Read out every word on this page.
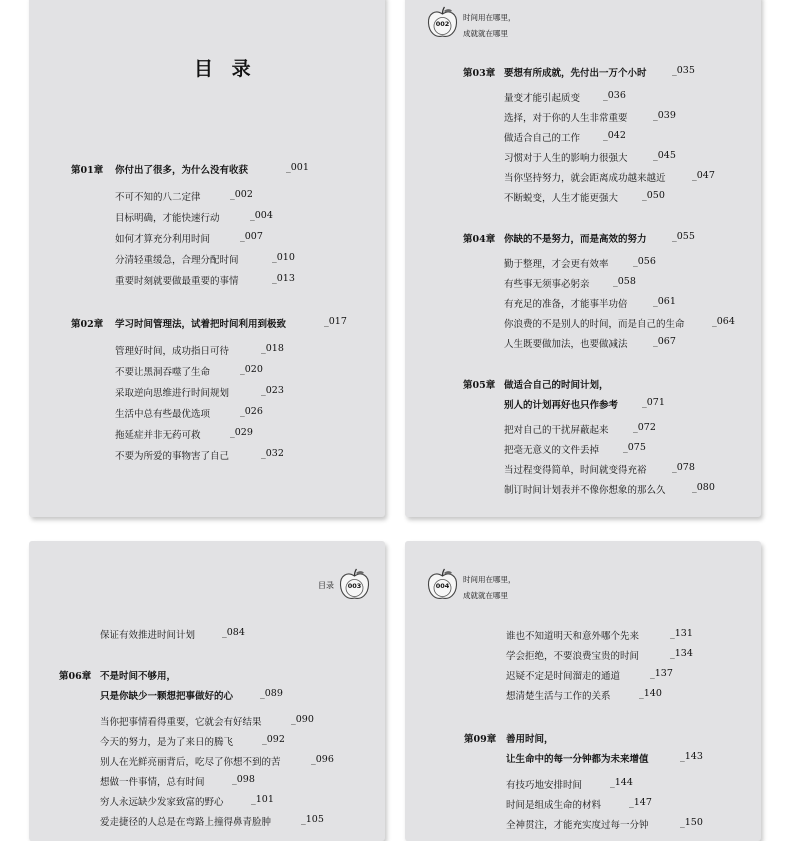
目 录
第01章 你付出了很多，为什么没有收获	_001
不可不知的八二定律	_002
目标明确，才能快速行动	_004
如何才算充分利用时间	_007
分清轻重缓急，合理分配时间	_010
重要时刻就要做最重要的事情	_013
第02章 学习时间管理法，试着把时间利用到极致	_017
管理好时间，成功指日可待	_018
不要让黑洞吞噬了生命	_020
采取逆向思维进行时间规划	_023
生活中总有些最优选项	_026
拖延症并非无药可救	_029
不要为所爱的事物害了自己	_032
002
时间用在哪里，
成就就在哪里
第03章 要想有所成就，先付出一万个小时	_035
量变才能引起质变 _036
选择，对于你的人生非常重要	_039
做适合自己的工作 _042
习惯对于人生的影响力很强大	_045
当你坚持努力，就会距离成功越来越近	_047
不断蜕变，人生才能更强大	_050
第04章 你缺的不是努力，而是高效的努力	_055
勤于整理，才会更有效率	_056
有些事无须事必躬亲 _058
有充足的准备，才能事半功倍	_061
你浪费的不是别人的时间，而是自己的生命	_064
人生既要做加法，也要做减法	_067
第05章 做适合自己的时间计划，
别人的计划再好也只作参考	_071
把对自己的干扰屏蔽起来	_072
把毫无意义的文件丢掉	_075
当过程变得简单，时间就变得充裕	_078
制订时间计划表并不像你想象的那么久	_080
目录	003
保证有效推进时间计划	_084
第06章 不是时间不够用，
只是你缺少一颗想把事做好的心	_089
当你把事情看得重要，它就会有好结果	_090
今天的努力，是为了来日的腾飞	_092
别人在光鲜亮丽背后，吃尽了你想不到的苦	_096
想做一件事情，总有时间	_098
穷人永远缺少发家致富的野心	_101
爱走捷径的人总是在弯路上撞得鼻青脸肿	_105
004
时间用在哪里，
成就就在哪里
谁也不知道明天和意外哪个先来	_131
学会拒绝，不要浪费宝贵的时间	_134
迟疑不定是时间溜走的通道	_137
想清楚生活与工作的关系	_140
第09章 善用时间，
让生命中的每一分钟都为未来增值	_143
有技巧地安排时间	_144
时间是组成生命的材料	_147
全神贯注，才能充实度过每一分钟	_150
